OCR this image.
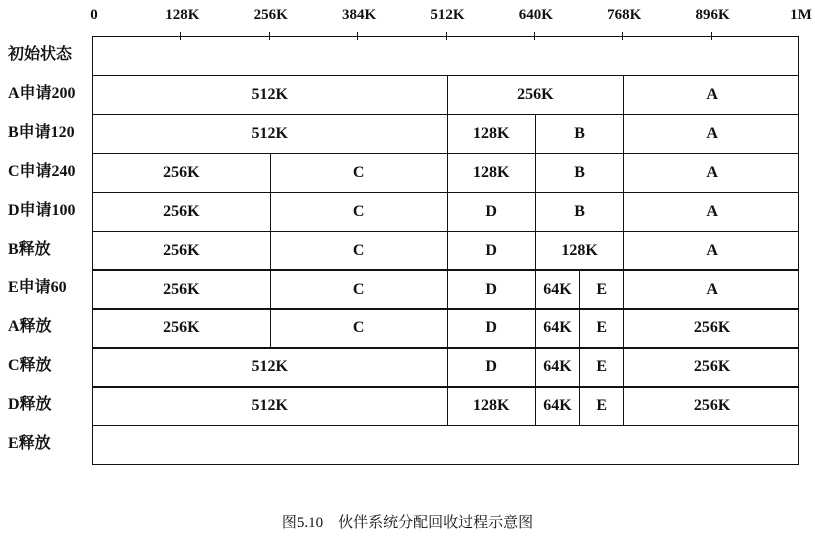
0	128K	256K	384K	512K	640K	768K	896K	1M
初始状态
A申请200	512K	256K	A
B申请120	512K	128K	B	A
C申请240	256K	C	128K	B	A
D申请100	256K	C	D	B	A
B释放	256K	C	D	128K	A
E申请60	256K	C	D	64K	E	A
A释放	256K	C	D	64K	E	256K
C释放	512K	D	64K	E	256K
D释放	512K	128K	64K	E	256K
E释放
图5.10    伙伴系统分配回收过程示意图
